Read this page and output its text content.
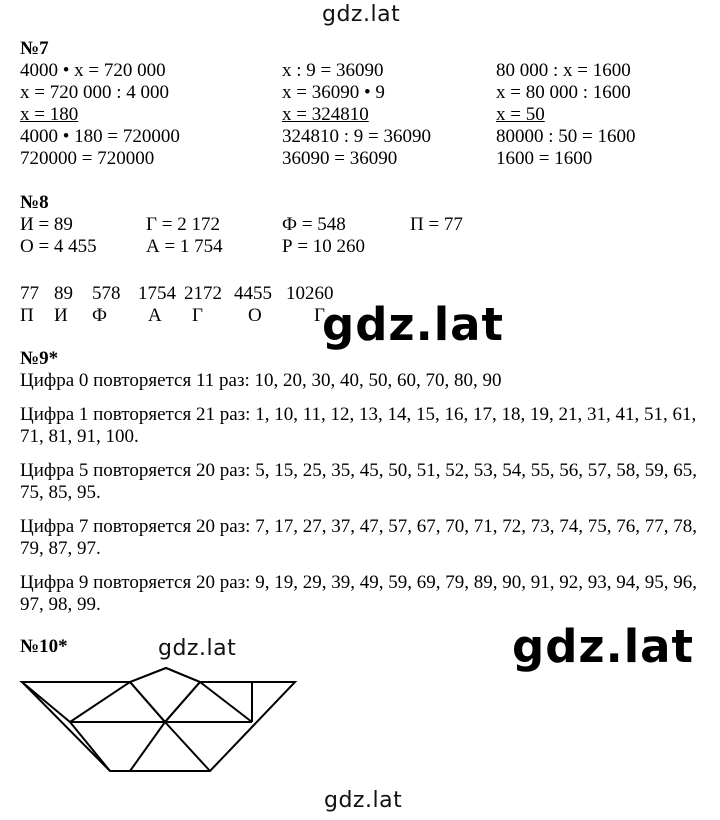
gdz.lat
gdz.lat
gdz.lat	gdz.lat
gdz.lat
№7
4000 • x = 720 000
x = 720 000 : 4 000
x = 180
4000 • 180 = 720000
720000 = 720000
x : 9 = 36090
x = 36090 • 9
x = 324810
324810 : 9 = 36090
36090 = 36090
80 000 : x = 1600
x = 80 000 : 1600
x = 50
80000 : 50 = 1600
1600 = 1600
№8
И = 89	Г = 2 172	Ф = 548	П = 77
О = 4 455	А = 1 754	Р = 10 260
77 89 578 1754 2172 4455 10260
П И Ф А Г О	Г
№9*
Цифра 0 повторяется 11 раз: 10, 20, 30, 40, 50, 60, 70, 80, 90
Цифра 1 повторяется 21 раз: 1, 10, 11, 12, 13, 14, 15, 16, 17, 18, 19, 21, 31, 41, 51, 61, 71, 81, 91, 100.
Цифра 5 повторяется 20 раз: 5, 15, 25, 35, 45, 50, 51, 52, 53, 54, 55, 56, 57, 58, 59, 65, 75, 85, 95.
Цифра 7 повторяется 20 раз: 7, 17, 27, 37, 47, 57, 67, 70, 71, 72, 73, 74, 75, 76, 77, 78, 79, 87, 97.
Цифра 9 повторяется 20 раз: 9, 19, 29, 39, 49, 59, 69, 79, 89, 90, 91, 92, 93, 94, 95, 96, 97, 98, 99.
№10*
